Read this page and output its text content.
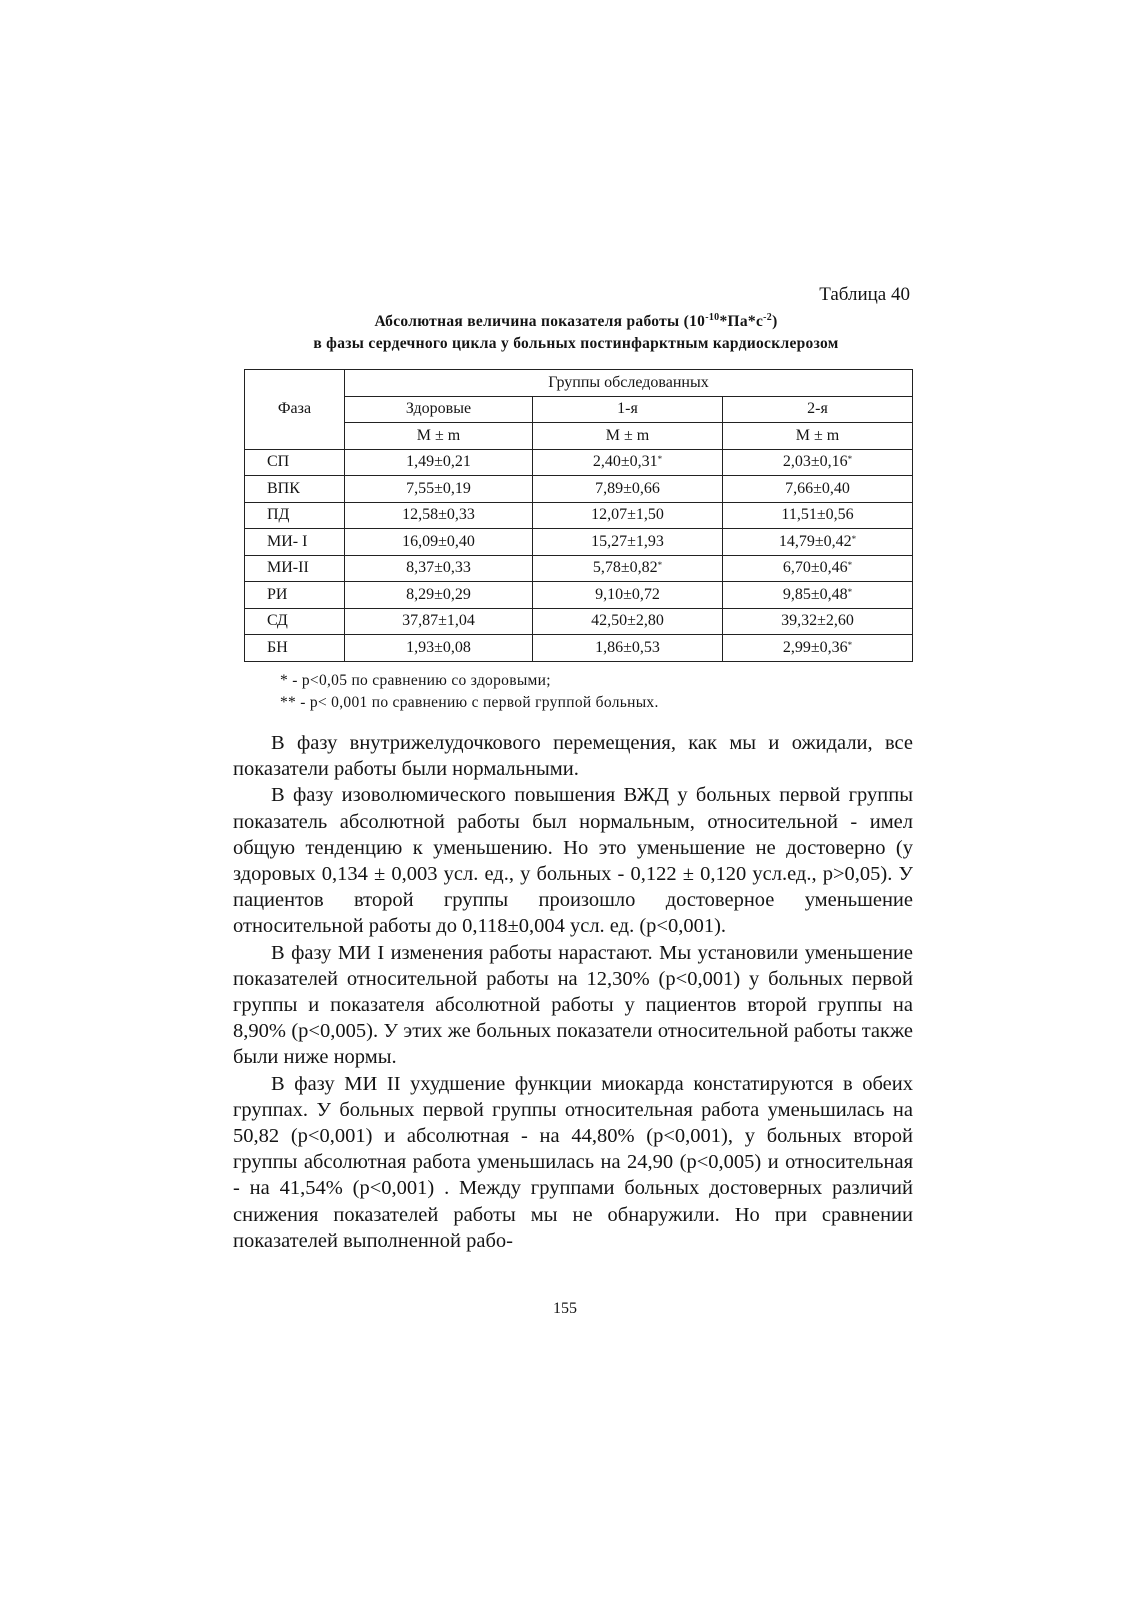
Таблица 40
Абсолютная величина показателя работы $(10^{-10}*Па*с^{-2})$
в фазы сердечного цикла у больных постинфарктным кардиосклерозом
Фаза	Группы обследованных		
	Здоровые	1-я	2-я
	M ± m	M ± m	M ± m
СП	1,49±0,21	2,40±0,31*	2,03±0,16*
ВПК	7,55±0,19	7,89±0,66	7,66±0,40
ПД	12,58±0,33	12,07±1,50	11,51±0,56
МИ- I	16,09±0,40	15,27±1,93	14,79±0,42*
МИ-II	8,37±0,33	5,78±0,82*	6,70±0,46*
РИ	8,29±0,29	9,10±0,72	9,85±0,48*
СД	37,87±1,04	42,50±2,80	39,32±2,60
БН	1,93±0,08	1,86±0,53	2,99±0,36*
* - p<0,05 по сравнению со здоровыми;
** - p< 0,001 по сравнению с первой группой больных.

В фазу внутрижелудочкового перемещения, как мы и ожидали, все показатели работы были нормальными.

В фазу изоволюмического повышения ВЖД у больных первой группы показатель абсолютной работы был нормальным, относительной - имел общую тенденцию к уменьшению. Но это уменьшение не достоверно (у здоровых 0,134 ± 0,003 усл. ед., у больных - 0,122 ± 0,120 усл.ед., p>0,05). У пациентов второй группы произошло достоверное уменьшение относительной работы до 0,118±0,004 усл. ед. (p<0,001).

В фазу МИ I изменения работы нарастают. Мы установили уменьшение показателей относительной работы на 12,30% (p<0,001) у больных первой группы и показателя абсолютной работы у пациентов второй группы на 8,90% (p<0,005). У этих же больных показатели относительной работы также были ниже нормы.

В фазу МИ II ухудшение функции миокарда констатируются в обеих группах. У больных первой группы относительная работа уменьшилась на 50,82 (p<0,001) и абсолютная - на 44,80% (p<0,001), у больных второй группы абсолютная работа уменьшилась на 24,90 (p<0,005) и относительная - на 41,54% (p<0,001) . Между группами больных достоверных различий снижения показателей работы мы не обнаружили. Но при сравнении показателей выполненной рабо-

155
